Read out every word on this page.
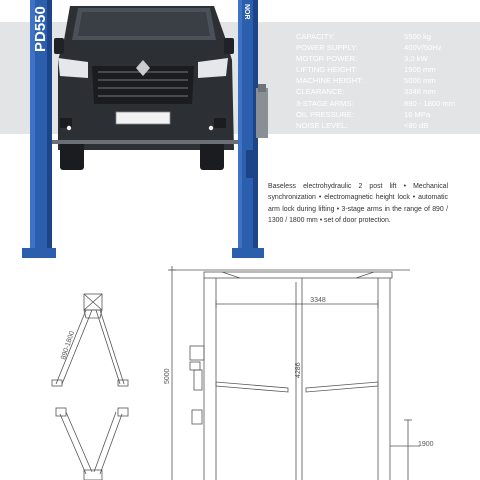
PD550	NOR
890-1800
3348
5000	4286
1900
CAPACITY:	5500 kg
POWER SUPPLY:	400V/50Hz
MOTOR POWER:	3,0 kW
LIFTING HEIGHT:	1900 mm
MACHINE HEIGHT:	5000 mm
CLEARANCE:	3348 mm
3-STAGE ARMS:	890 - 1800 mm
OIL PRESSURE:	16 MPa
NOISE LEVEL:	<80 dB
Baseless electrohydraulic 2 post lift • Mechanical synchronization • electromagnetic height lock • automatic arm lock during lifting • 3-stage arms in the range of 890 / 1300 / 1800 mm • set of door protection.
